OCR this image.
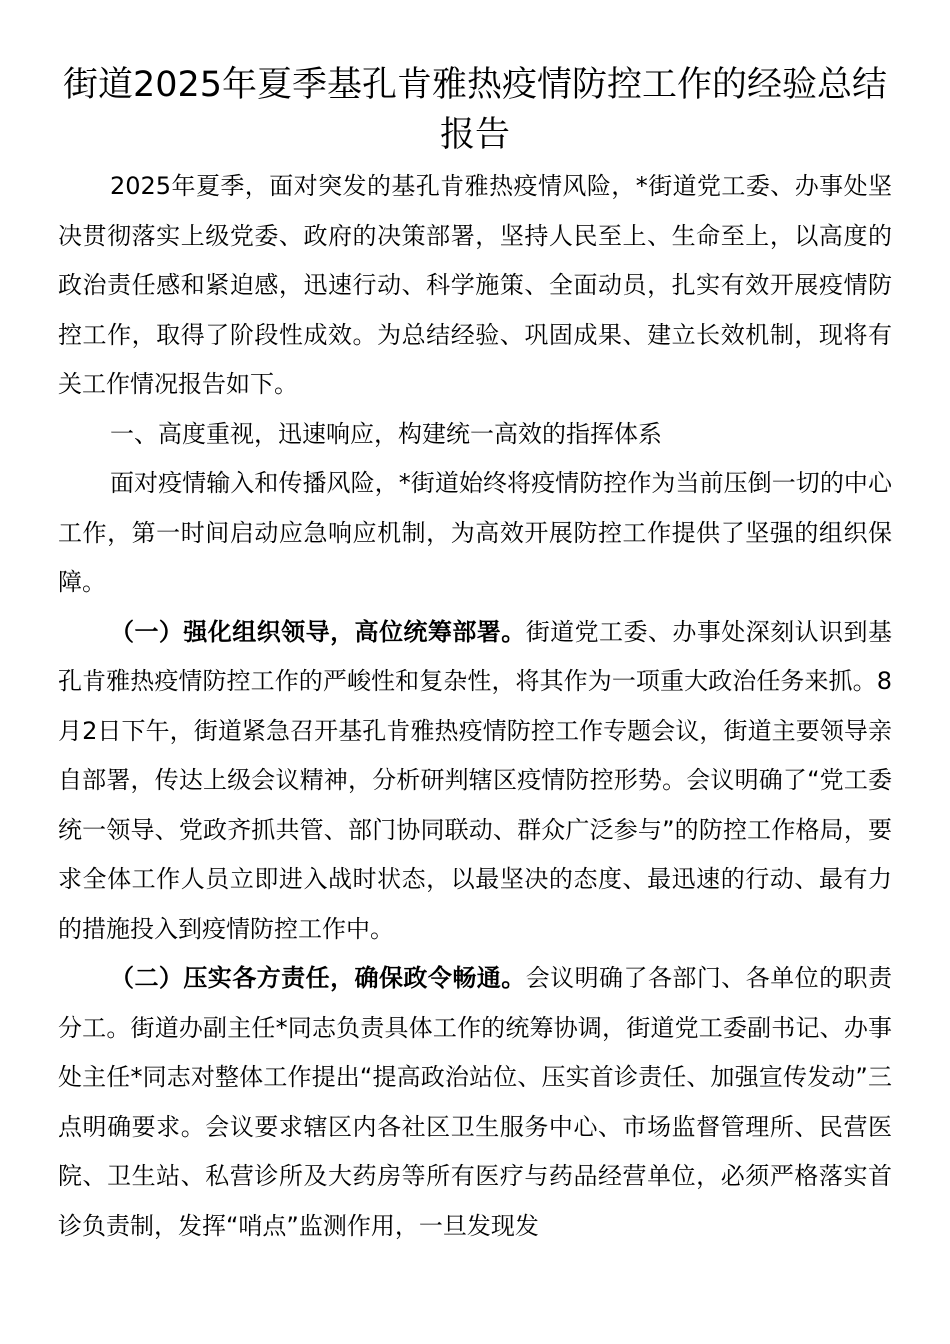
街道2025年夏季基孔肯雅热疫情防控工作的经验总结报告

2025年夏季，面对突发的基孔肯雅热疫情风险，*街道党工委、办事处坚决贯彻落实上级党委、政府的决策部署，坚持人民至上、生命至上，以高度的政治责任感和紧迫感，迅速行动、科学施策、全面动员，扎实有效开展疫情防控工作，取得了阶段性成效。为总结经验、巩固成果、建立长效机制，现将有关工作情况报告如下。

一、高度重视，迅速响应，构建统一高效的指挥体系

面对疫情输入和传播风险，*街道始终将疫情防控作为当前压倒一切的中心工作，第一时间启动应急响应机制，为高效开展防控工作提供了坚强的组织保障。

（一）强化组织领导，高位统筹部署。街道党工委、办事处深刻认识到基孔肯雅热疫情防控工作的严峻性和复杂性，将其作为一项重大政治任务来抓。8月2日下午，街道紧急召开基孔肯雅热疫情防控工作专题会议，街道主要领导亲自部署，传达上级会议精神，分析研判辖区疫情防控形势。会议明确了“党工委统一领导、党政齐抓共管、部门协同联动、群众广泛参与”的防控工作格局，要求全体工作人员立即进入战时状态，以最坚决的态度、最迅速的行动、最有力的措施投入到疫情防控工作中。

（二）压实各方责任，确保政令畅通。会议明确了各部门、各单位的职责分工。街道办副主任*同志负责具体工作的统筹协调，街道党工委副书记、办事处主任*同志对整体工作提出“提高政治站位、压实首诊责任、加强宣传发动”三点明确要求。会议要求辖区内各社区卫生服务中心、市场监督管理所、民营医院、卫生站、私营诊所及大药房等所有医疗与药品经营单位，必须严格落实首诊负责制，发挥“哨点”监测作用，一旦发现发
